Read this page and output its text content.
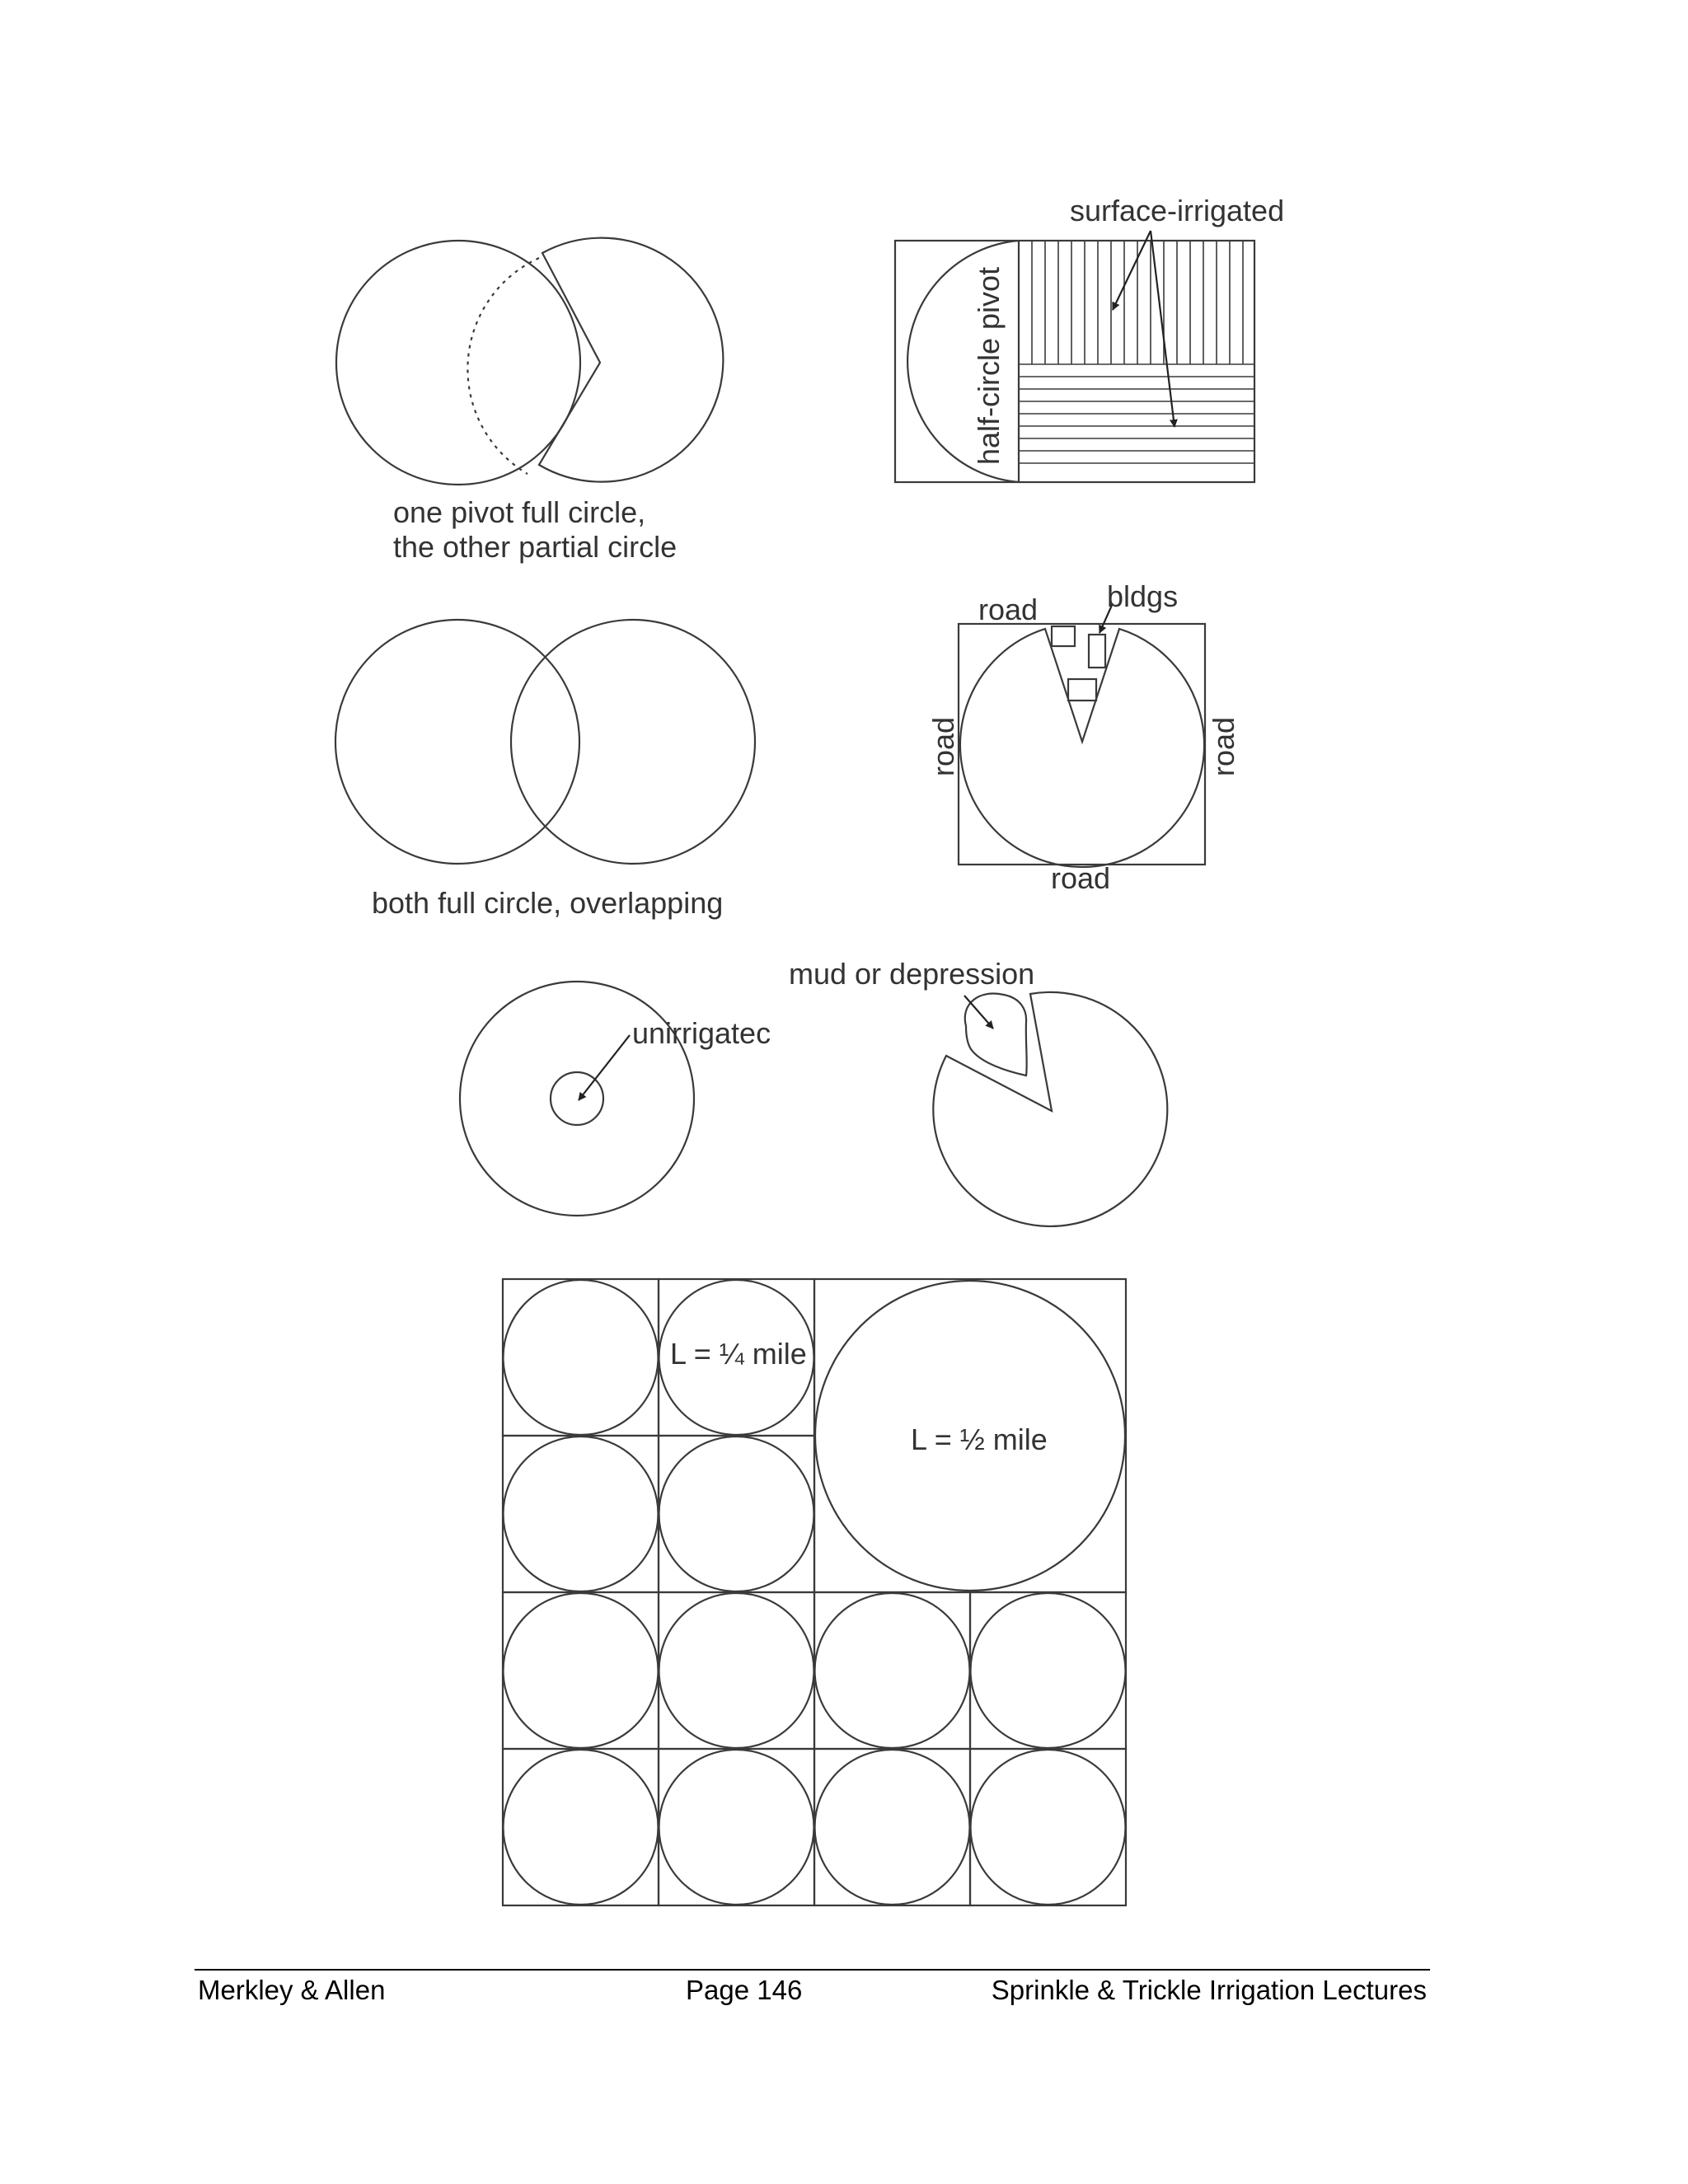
one pivot full circle,
the other partial circle
surface-irrigated
half-circle pivot
both full circle, overlapping
road bldgs
road	road
road
unirrigatec
mud or depression
L = ¼ mile
L = ½ mile
Merkley & Allen	Page 146	Sprinkle & Trickle Irrigation Lectures
